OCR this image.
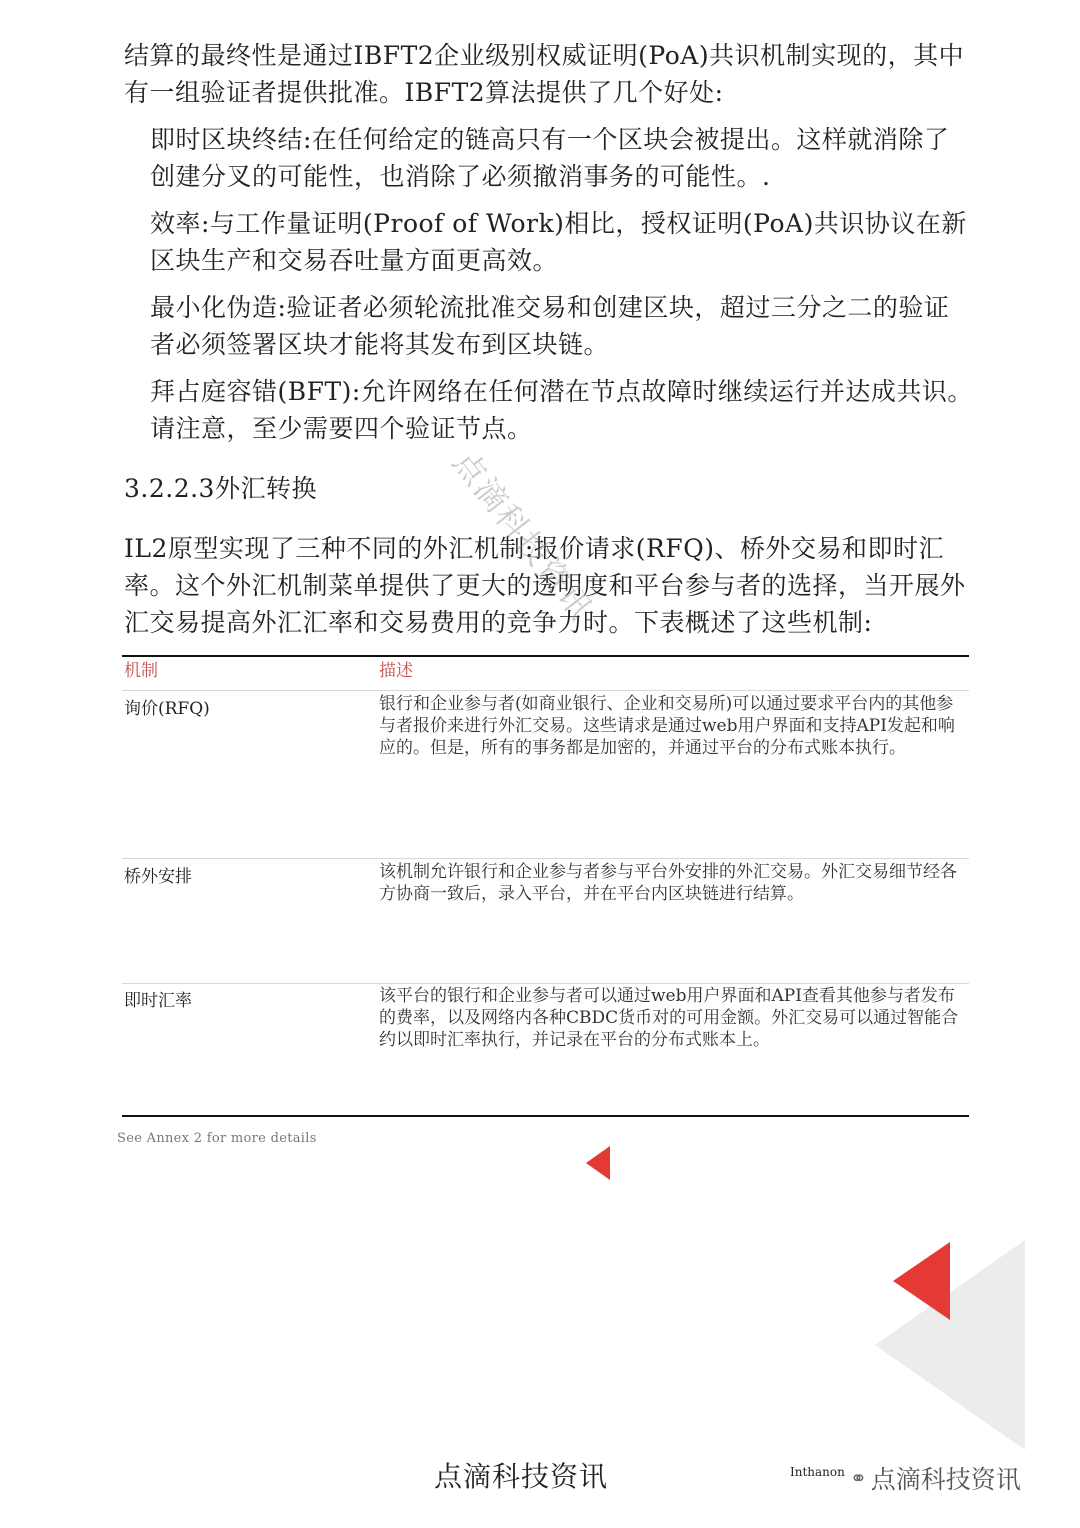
结算的最终性是通过IBFT2企业级别权威证明(PoA)共识机制实现的，其中有一组验证者提供批准。IBFT2算法提供了几个好处:

即时区块终结:在任何给定的链高只有一个区块会被提出。这样就消除了创建分叉的可能性，也消除了必须撤消事务的可能性。.

效率:与工作量证明(Proof of Work)相比，授权证明(PoA)共识协议在新区块生产和交易吞吐量方面更高效。

最小化伪造:验证者必须轮流批准交易和创建区块，超过三分之二的验证者必须签署区块才能将其发布到区块链。

拜占庭容错(BFT):允许网络在任何潜在节点故障时继续运行并达成共识。请注意，至少需要四个验证节点。

3.2.2.3外汇转换

IL2原型实现了三种不同的外汇机制:报价请求(RFQ)、桥外交易和即时汇率。这个外汇机制菜单提供了更大的透明度和平台参与者的选择，当开展外汇交易提高外汇汇率和交易费用的竞争力时。下表概述了这些机制:

机制	描述
询价(RFQ)	银行和企业参与者(如商业银行、企业和交易所)可以通过要求平台内的其他参与者报价来进行外汇交易。这些请求是通过web用户界面和支持API发起和响应的。但是，所有的事务都是加密的，并通过平台的分布式账本执行。
桥外安排	该机制允许银行和企业参与者参与平台外安排的外汇交易。外汇交易细节经各方协商一致后，录入平台，并在平台内区块链进行结算。
即时汇率	该平台的银行和企业参与者可以通过web用户界面和API查看其他参与者发布的费率，以及网络内各种CBDC货币对的可用金额。外汇交易可以通过智能合约以即时汇率执行，并记录在平台的分布式账本上。
See Annex 2 for more details
点滴科技资讯
点滴科技资讯	Inthanon ⚭ 点滴科技资讯
